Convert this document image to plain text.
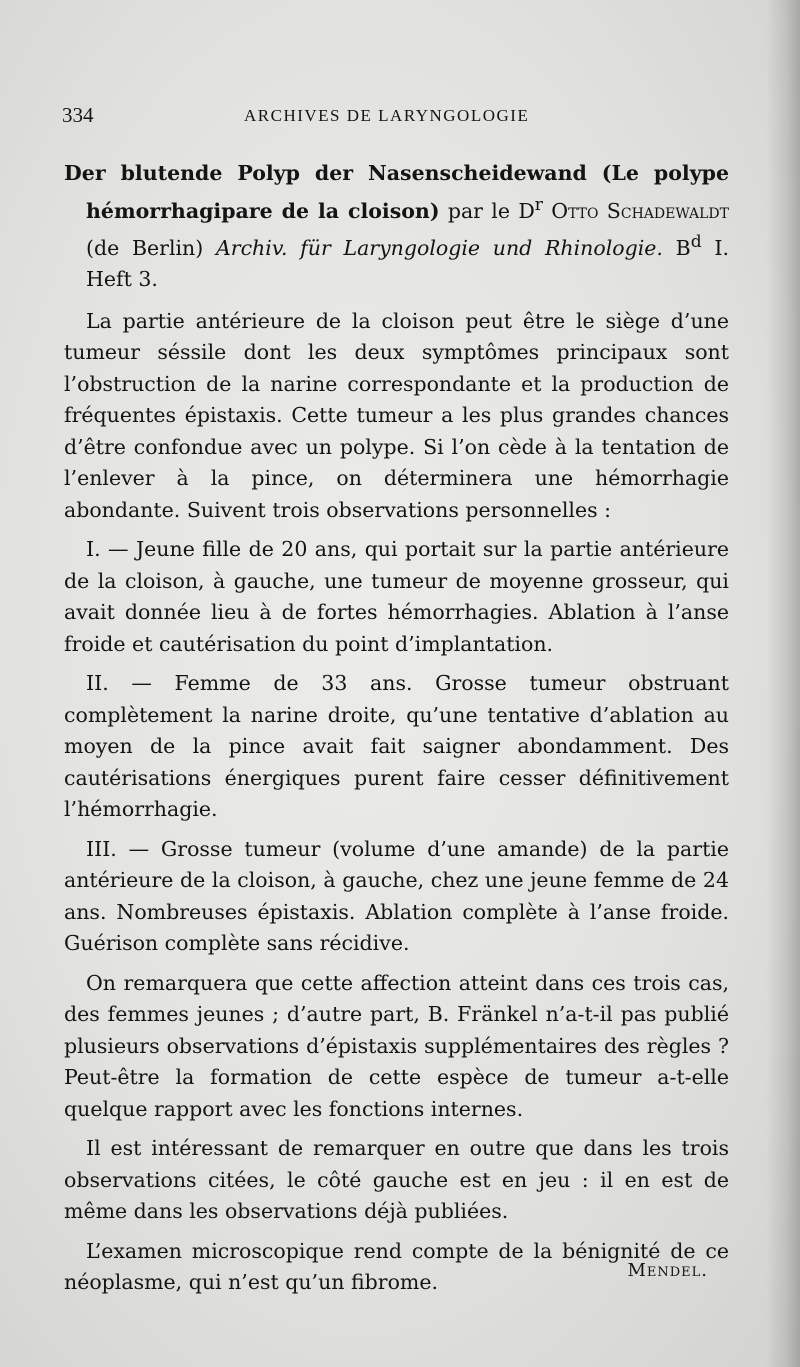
334	ARCHIVES DE LARYNGOLOGIE

Der blutende Polyp der Nasenscheidewand (Le polype hémorrhagipare de la cloison) par le $D^r$ Otto Schadewaldt (de Berlin) Archiv. für Laryngologie und Rhinologie. $B^d$ I. Heft 3.

La partie antérieure de la cloison peut être le siège d’une tumeur séssile dont les deux symptômes principaux sont l’obstruction de la narine correspondante et la production de fréquentes épistaxis. Cette tumeur a les plus grandes chances d’être confondue avec un polype. Si l’on cède à la tentation de l’enlever à la pince, on déterminera une hémorrhagie abondante. Suivent trois observations personnelles :

I. — Jeune fille de 20 ans, qui portait sur la partie antérieure de la cloison, à gauche, une tumeur de moyenne grosseur, qui avait donnée lieu à de fortes hémorrhagies. Ablation à l’anse froide et cautérisation du point d’implantation.

II. — Femme de 33 ans. Grosse tumeur obstruant complètement la narine droite, qu’une tentative d’ablation au moyen de la pince avait fait saigner abondamment. Des cautérisations énergiques purent faire cesser définitivement l’hémorrhagie.

III. — Grosse tumeur (volume d’une amande) de la partie antérieure de la cloison, à gauche, chez une jeune femme de 24 ans. Nombreuses épistaxis. Ablation complète à l’anse froide. Guérison complète sans récidive.

On remarquera que cette affection atteint dans ces trois cas, des femmes jeunes ; d’autre part, B. Fränkel n’a-t-il pas publié plusieurs observations d’épistaxis supplémentaires des règles ? Peut-être la formation de cette espèce de tumeur a-t-elle quelque rapport avec les fonctions internes.

Il est intéressant de remarquer en outre que dans les trois observations citées, le côté gauche est en jeu : il en est de même dans les observations déjà publiées.

L’examen microscopique rend compte de la bénignité de ce néoplasme, qui n’est qu’un fibrome.	Mendel.
